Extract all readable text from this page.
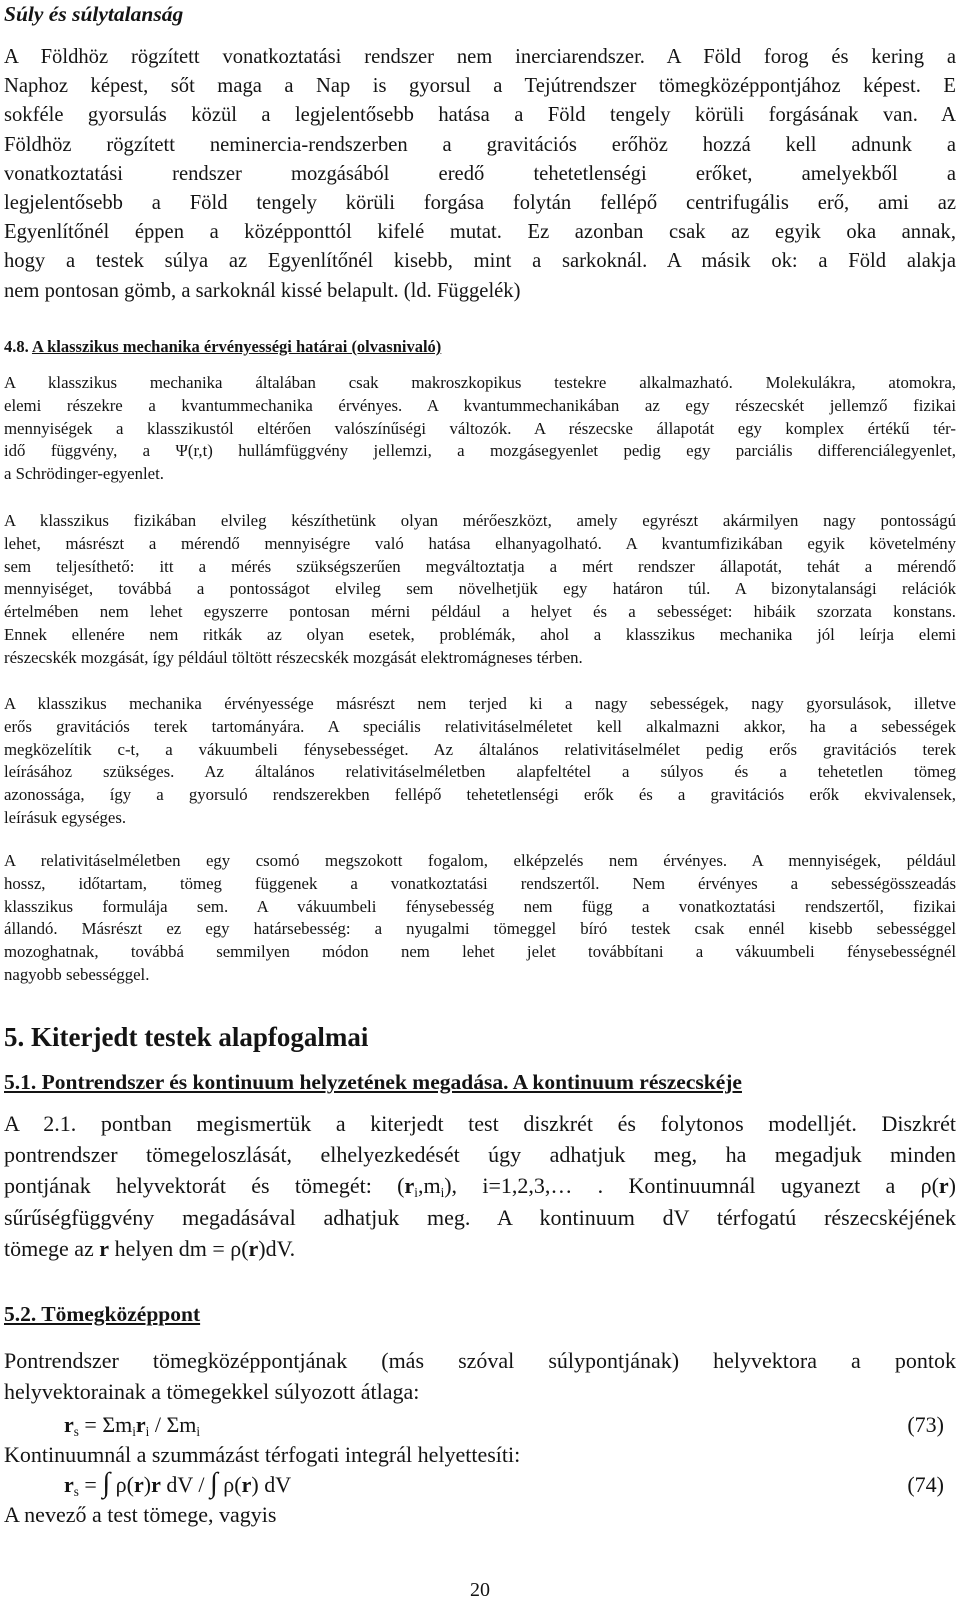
Súly és súlytalanság
A Földhöz rögzített vonatkoztatási rendszer nem inerciarendszer. A Föld forog és kering a
Naphoz képest, sőt maga a Nap is gyorsul a Tejútrendszer tömegközéppontjához képest. E
sokféle gyorsulás közül a legjelentősebb hatása a Föld tengely körüli forgásának van. A
Földhöz rögzített neminercia-rendszerben a gravitációs erőhöz hozzá kell adnunk a
vonatkoztatási rendszer mozgásából eredő tehetetlenségi erőket, amelyekből a
legjelentősebb a Föld tengely körüli forgása folytán fellépő centrifugális erő, ami az
Egyenlítőnél éppen a középponttól kifelé mutat. Ez azonban csak az egyik oka annak,
hogy a testek súlya az Egyenlítőnél kisebb, mint a sarkoknál. A másik ok: a Föld alakja
nem pontosan gömb, a sarkoknál kissé belapult. (ld. Függelék)
4.8. A klasszikus mechanika érvényességi határai (olvasnivaló)
A klasszikus mechanika általában csak makroszkopikus testekre alkalmazható. Molekulákra, atomokra,
elemi részekre a kvantummechanika érvényes. A kvantummechanikában az egy részecskét jellemző fizikai
mennyiségek a klasszikustól eltérően valószínűségi változók. A részecske állapotát egy komplex értékű tér-
idő függvény, a Ψ(r,t) hullámfüggvény jellemzi, a mozgásegyenlet pedig egy parciális differenciálegyenlet,
a Schrödinger-egyenlet.
A klasszikus fizikában elvileg készíthetünk olyan mérőeszközt, amely egyrészt akármilyen nagy pontosságú
lehet, másrészt a mérendő mennyiségre való hatása elhanyagolható. A kvantumfizikában egyik követelmény
sem teljesíthető: itt a mérés szükségszerűen megváltoztatja a mért rendszer állapotát, tehát a mérendő
mennyiséget, továbbá a pontosságot elvileg sem növelhetjük egy határon túl. A bizonytalansági relációk
értelmében nem lehet egyszerre pontosan mérni például a helyet és a sebességet: hibáik szorzata konstans.
Ennek ellenére nem ritkák az olyan esetek, problémák, ahol a klasszikus mechanika jól leírja elemi
részecskék mozgását, így például töltött részecskék mozgását elektromágneses térben.
A klasszikus mechanika érvényessége másrészt nem terjed ki a nagy sebességek, nagy gyorsulások, illetve
erős gravitációs terek tartományára. A speciális relativitáselméletet kell alkalmazni akkor, ha a sebességek
megközelítik c-t, a vákuumbeli fénysebességet. Az általános relativitáselmélet pedig erős gravitációs terek
leírásához szükséges. Az általános relativitáselméletben alapfeltétel a súlyos és a tehetetlen tömeg
azonossága, így a gyorsuló rendszerekben fellépő tehetetlenségi erők és a gravitációs erők ekvivalensek,
leírásuk egységes.
A relativitáselméletben egy csomó megszokott fogalom, elképzelés nem érvényes. A mennyiségek, például
hossz, időtartam, tömeg függenek a vonatkoztatási rendszertől. Nem érvényes a sebességösszeadás
klasszikus formulája sem. A vákuumbeli fénysebesség nem függ a vonatkoztatási rendszertől, fizikai
állandó. Másrészt ez egy határsebesség: a nyugalmi tömeggel bíró testek csak ennél kisebb sebességgel
mozoghatnak, továbbá semmilyen módon nem lehet jelet továbbítani a vákuumbeli fénysebességnél
nagyobb sebességgel.
5. Kiterjedt testek alapfogalmai
5.1. Pontrendszer és kontinuum helyzetének megadása. A kontinuum részecskéje
A 2.1. pontban megismertük a kiterjedt test diszkrét és folytonos modelljét. Diszkrét
pontrendszer tömegeloszlását, elhelyezkedését úgy adhatjuk meg, ha megadjuk minden
pontjának helyvektorát és tömegét: $(r_i,m_i)$, i=1,2,3,… . Kontinuumnál ugyanezt a ρ(r)
sűrűségfüggvény megadásával adhatjuk meg. A kontinuum dV térfogatú részecskéjének
tömege az r helyen dm = ρ(r)dV.
5.2. Tömegközéppont
Pontrendszer tömegközéppontjának (más szóval súlypontjának) helyvektora a pontok
helyvektorainak a tömegekkel súlyozott átlaga:
$r_s = \Sigma m_ir_i / \Sigma m_i$	(73)
Kontinuumnál a szummázást térfogati integrál helyettesíti:
$r_s$ = ∫ ρ(r)r dV / ∫ ρ(r) dV	(74)
A nevező a test tömege, vagyis
20
